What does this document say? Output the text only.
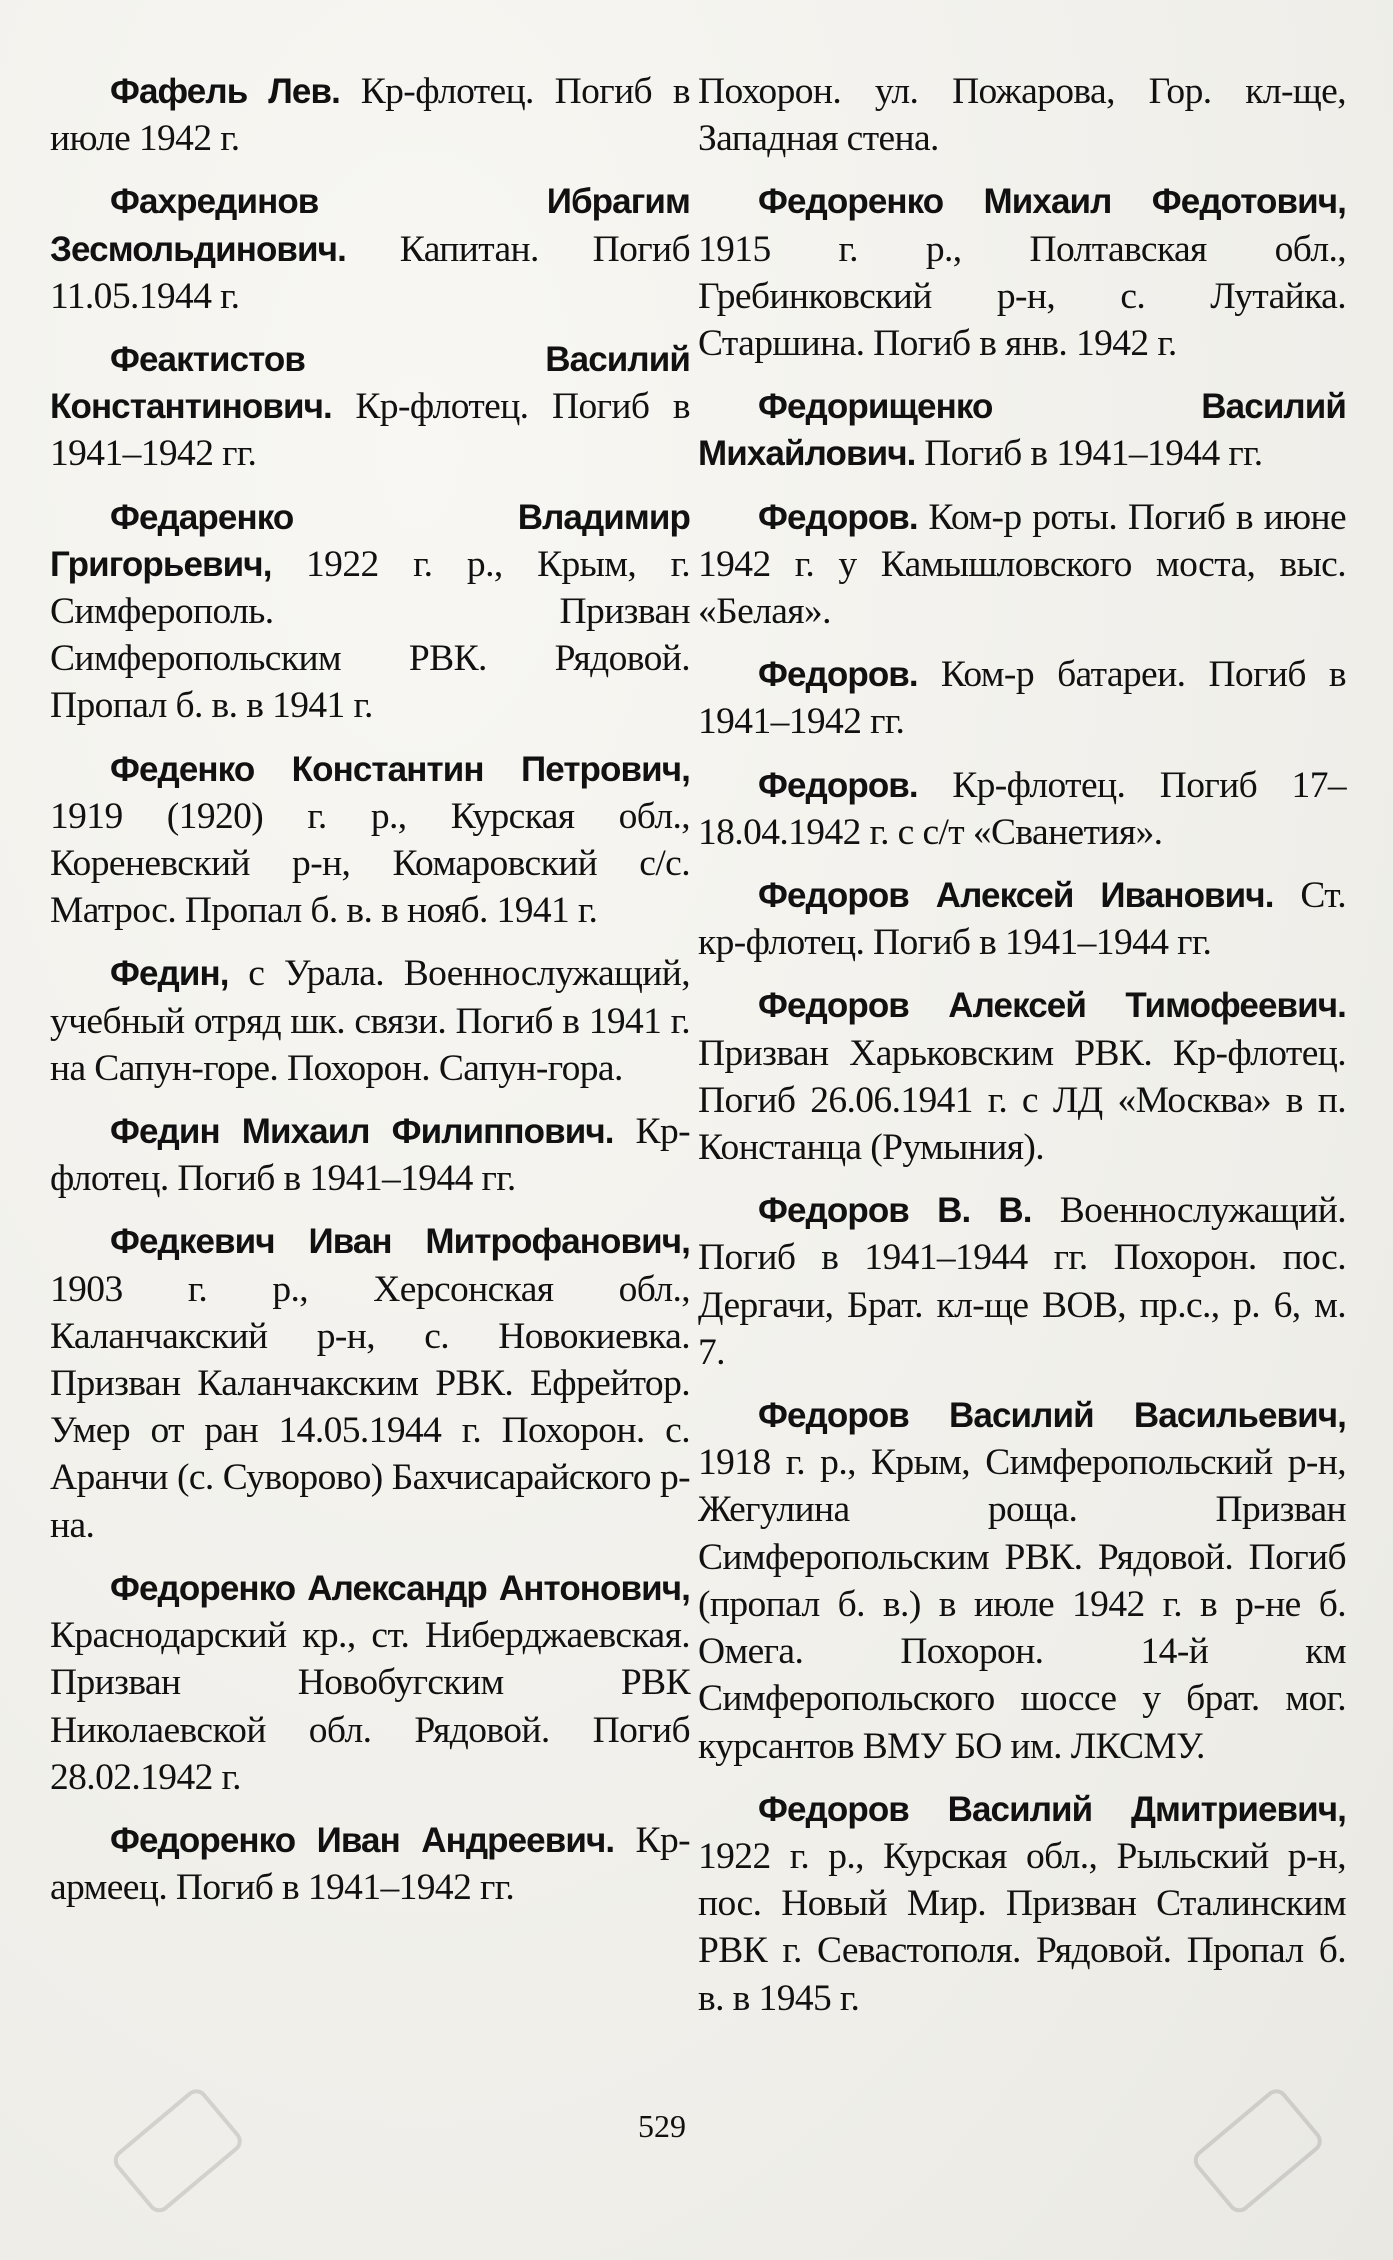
Фафель Лев. Кр-флотец. Погиб в июле 1942 г.

Фахрединов Ибрагим Зесмольдинович. Капитан. Погиб 11.05.1944 г.

Феактистов Василий Константинович. Кр-флотец. Погиб в 1941–1942 гг.

Федаренко Владимир Григорьевич, 1922 г. р., Крым, г. Симферополь. Призван Симферопольским РВК. Рядовой. Пропал б. в. в 1941 г.

Феденко Константин Петрович, 1919 (1920) г. р., Курская обл., Кореневский р-н, Комаровский с/с. Матрос. Пропал б. в. в нояб. 1941 г.

Федин, с Урала. Военнослужащий, учебный отряд шк. связи. Погиб в 1941 г. на Сапун-горе. Похорон. Сапун-гора.

Федин Михаил Филиппович. Кр-флотец. Погиб в 1941–1944 гг.

Федкевич Иван Митрофанович, 1903 г. р., Херсонская обл., Каланчакский р-н, с. Новокиевка. Призван Каланчакским РВК. Ефрейтор. Умер от ран 14.05.1944 г. Похорон. с. Аранчи (с. Суворово) Бахчисарайского р-на.

Федоренко Александр Антонович, Краснодарский кр., ст. Ниберджаевская. Призван Новобугским РВК Николаевской обл. Рядовой. Погиб 28.02.1942 г.

Федоренко Иван Андреевич. Кр-армеец. Погиб в 1941–1942 гг.

Похорон. ул. Пожарова, Гор. кл-ще, Западная стена.

Федоренко Михаил Федотович, 1915 г. р., Полтавская обл., Гребинковский р-н, с. Лутайка. Старшина. Погиб в янв. 1942 г.

Федорищенко Василий Михайлович. Погиб в 1941–1944 гг.

Федоров. Ком-р роты. Погиб в июне 1942 г. у Камышловского моста, выс. «Белая».

Федоров. Ком-р батареи. Погиб в 1941–1942 гг.

Федоров. Кр-флотец. Погиб 17–18.04.1942 г. с с/т «Сванетия».

Федоров Алексей Иванович. Ст. кр-флотец. Погиб в 1941–1944 гг.

Федоров Алексей Тимофеевич. Призван Харьковским РВК. Кр-флотец. Погиб 26.06.1941 г. с ЛД «Москва» в п. Констанца (Румыния).

Федоров В. В. Военнослужащий. Погиб в 1941–1944 гг. Похорон. пос. Дергачи, Брат. кл-ще ВОВ, пр.с., р. 6, м. 7.

Федоров Василий Васильевич, 1918 г. р., Крым, Симферопольский р-н, Жегулина роща. Призван Симферопольским РВК. Рядовой. Погиб (пропал б. в.) в июле 1942 г. в р-не б. Омега. Похорон. 14-й км Симферопольского шоссе у брат. мог. курсантов ВМУ БО им. ЛКСМУ.

Федоров Василий Дмитриевич, 1922 г. р., Курская обл., Рыльский р-н, пос. Новый Мир. Призван Сталинским РВК г. Севастополя. Рядовой. Пропал б. в. в 1945 г.

529
